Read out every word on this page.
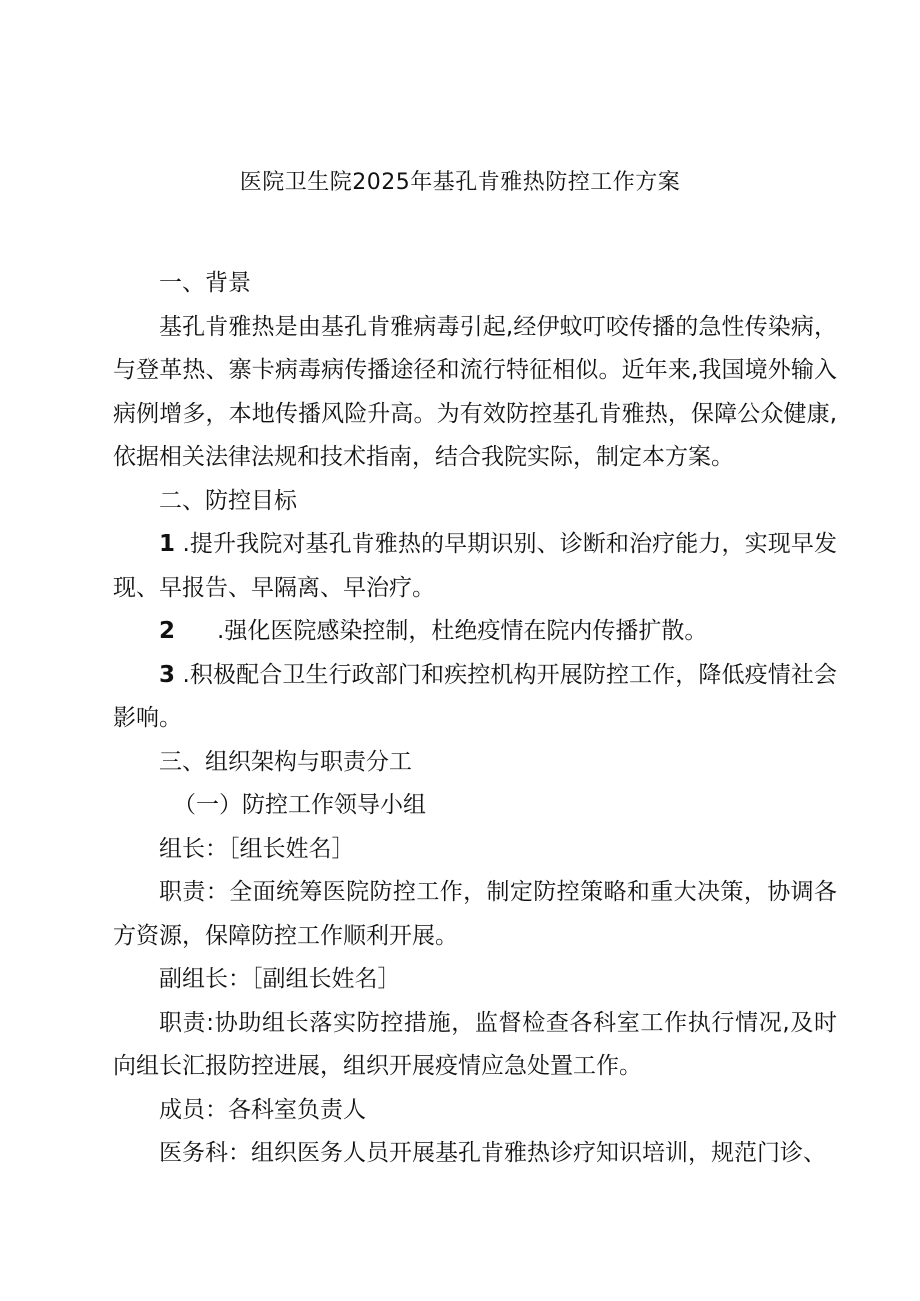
医院卫生院2025年基孔肯雅热防控工作方案

一、背景

基孔肯雅热是由基孔肯雅病毒引起,经伊蚊叮咬传播的急性传染病，与登革热、寨卡病毒病传播途径和流行特征相似。近年来,我国境外输入病例增多，本地传播风险升高。为有效防控基孔肯雅热，保障公众健康,依据相关法律法规和技术指南，结合我院实际，制定本方案。

二、防控目标

1 .提升我院对基孔肯雅热的早期识别、诊断和治疗能力，实现早发现、早报告、早隔离、早治疗。

2 .强化医院感染控制，杜绝疫情在院内传播扩散。

3 .积极配合卫生行政部门和疾控机构开展防控工作，降低疫情社会影响。

三、组织架构与职责分工

（一）防控工作领导小组

组长：［组长姓名］

职责：全面统筹医院防控工作，制定防控策略和重大决策，协调各方资源，保障防控工作顺利开展。

副组长：［副组长姓名］

职责:协助组长落实防控措施，监督检查各科室工作执行情况,及时向组长汇报防控进展，组织开展疫情应急处置工作。

成员：各科室负责人

医务科：组织医务人员开展基孔肯雅热诊疗知识培训，规范门诊、
